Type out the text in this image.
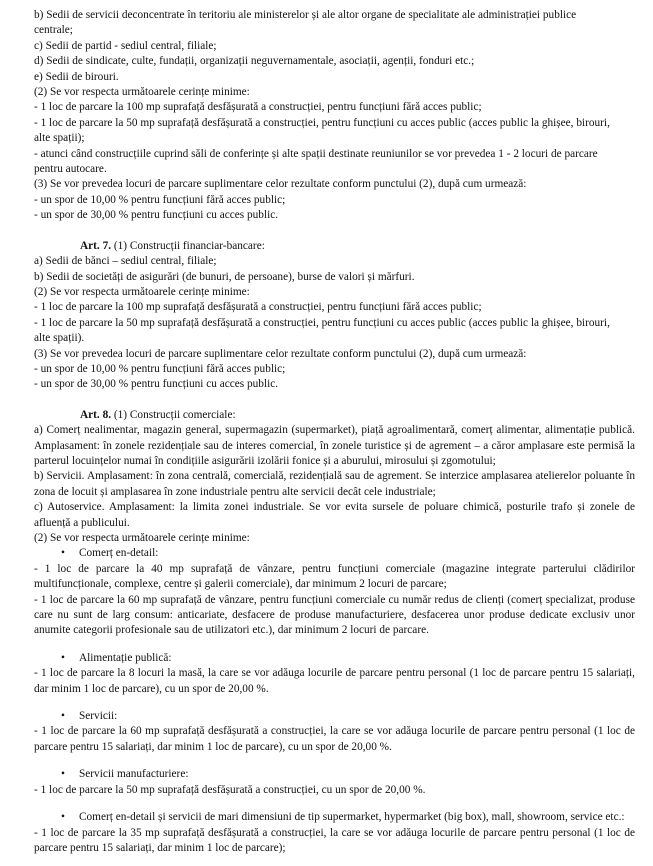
b) Sedii de servicii deconcentrate în teritoriu ale ministerelor și ale altor organe de specialitate ale administrației publice
centrale;
c) Sedii de partid - sediul central, filiale;
d) Sedii de sindicate, culte, fundații, organizații neguvernamentale, asociații, agenții, fonduri etc.;
e) Sedii de birouri.
(2) Se vor respecta următoarele cerințe minime:
- 1 loc de parcare la 100 mp suprafață desfășurată a construcției, pentru funcțiuni fără acces public;
- 1 loc de parcare la 50 mp suprafață desfășurată a construcției, pentru funcțiuni cu acces public (acces public la ghișee, birouri,
alte spații);
- atunci când construcțiile cuprind săli de conferințe și alte spații destinate reuniunilor se vor prevedea 1 - 2 locuri de parcare
pentru autocare.
(3) Se vor prevedea locuri de parcare suplimentare celor rezultate conform punctului (2), după cum urmează:
- un spor de 10,00 % pentru funcțiuni fără acces public;
- un spor de 30,00 % pentru funcțiuni cu acces public.
Art. 7. (1) Construcții financiar-bancare:
a) Sedii de bănci – sediul central, filiale;
b) Sedii de societăți de asigurări (de bunuri, de persoane), burse de valori și mărfuri.
(2) Se vor respecta următoarele cerințe minime:
- 1 loc de parcare la 100 mp suprafață desfășurată a construcției, pentru funcțiuni fără acces public;
- 1 loc de parcare la 50 mp suprafață desfășurată a construcției, pentru funcțiuni cu acces public (acces public la ghișee, birouri,
alte spații).
(3) Se vor prevedea locuri de parcare suplimentare celor rezultate conform punctului (2), după cum urmează:
- un spor de 10,00 % pentru funcțiuni fără acces public;
- un spor de 30,00 % pentru funcțiuni cu acces public.
Art. 8. (1) Construcții comerciale:
a) Comerț nealimentar, magazin general, supermagazin (supermarket), piață agroalimentară, comerț alimentar, alimentație publică. Amplasament: în zonele rezidențiale sau de interes comercial, în zonele turistice și de agrement – a căror amplasare este permisă la parterul locuințelor numai în condițiile asigurării izolării fonice și a aburului, mirosului și zgomotului;
b) Servicii. Amplasament: în zona centrală, comercială, rezidențială sau de agrement. Se interzice amplasarea atelierelor poluante în zona de locuit și amplasarea în zone industriale pentru alte servicii decât cele industriale;
c) Autoservice. Amplasament: la limita zonei industriale. Se vor evita sursele de poluare chimică, posturile trafo și zonele de afluență a publicului.
(2) Se vor respecta următoarele cerințe minime:
• Comerț en-detail:
- 1 loc de parcare la 40 mp suprafață de vânzare, pentru funcțiuni comerciale (magazine integrate parterului clădirilor multifuncționale, complexe, centre și galerii comerciale), dar minimum 2 locuri de parcare;
- 1 loc de parcare la 60 mp suprafață de vânzare, pentru funcțiuni comerciale cu număr redus de clienți (comerț specializat, produse care nu sunt de larg consum: anticariate, desfacere de produse manufacturiere, desfacerea unor produse dedicate exclusiv unor anumite categorii profesionale sau de utilizatori etc.), dar minimum 2 locuri de parcare.
• Alimentație publică:
- 1 loc de parcare la 8 locuri la masă, la care se vor adăuga locurile de parcare pentru personal (1 loc de parcare pentru 15 salariați, dar minim 1 loc de parcare), cu un spor de 20,00 %.
• Servicii:
- 1 loc de parcare la 60 mp suprafață desfășurată a construcției, la care se vor adăuga locurile de parcare pentru personal (1 loc de parcare pentru 15 salariați, dar minim 1 loc de parcare), cu un spor de 20,00 %.
• Servicii manufacturiere:
- 1 loc de parcare la 50 mp suprafață desfășurată a construcției, cu un spor de 20,00 %.
• Comerț en-detail și servicii de mari dimensiuni de tip supermarket, hypermarket (big box), mall, showroom, service etc.:
- 1 loc de parcare la 35 mp suprafață desfășurată a construcției, la care se vor adăuga locurile de parcare pentru personal (1 loc de parcare pentru 15 salariați, dar minim 1 loc de parcare);
